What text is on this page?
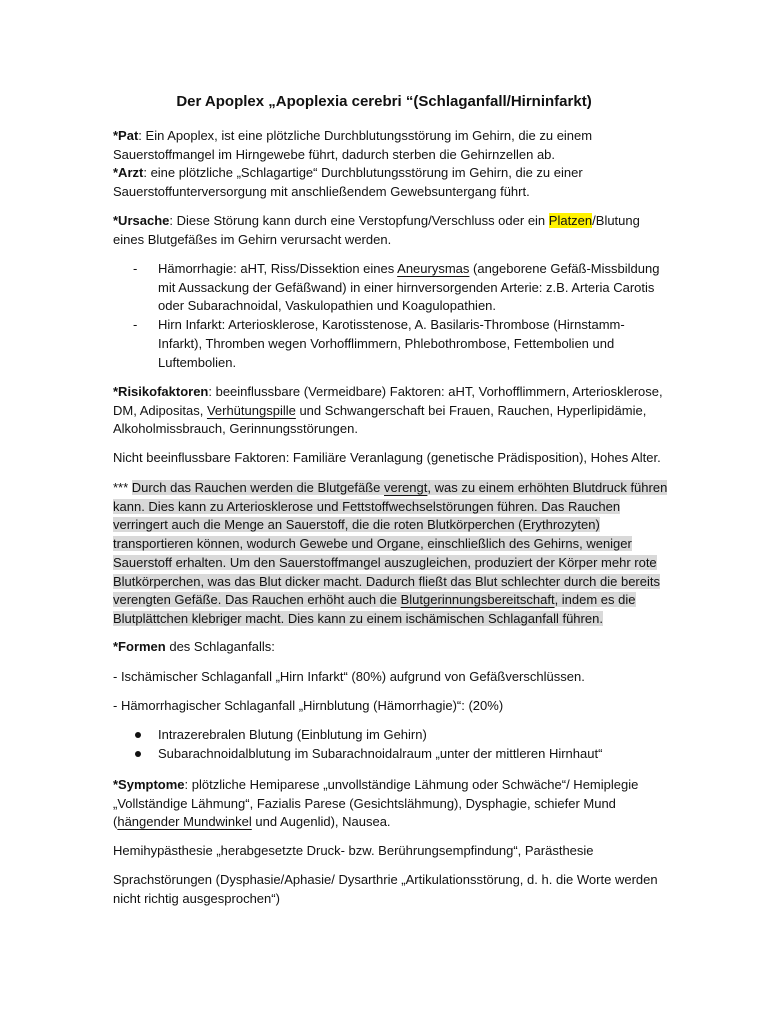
Der Apoplex „Apoplexia cerebri “(Schlaganfall/Hirninfarkt)

*Pat: Ein Apoplex, ist eine plötzliche Durchblutungsstörung im Gehirn, die zu einem Sauerstoffmangel im Hirngewebe führt, dadurch sterben die Gehirnzellen ab.
*Arzt: eine plötzliche „Schlagartige“ Durchblutungsstörung im Gehirn, die zu einer Sauerstoffunterversorgung mit anschließendem Gewebsuntergang führt.

*Ursache: Diese Störung kann durch eine Verstopfung/Verschluss oder ein Platzen/Blutung eines Blutgefäßes im Gehirn verursacht werden.

- Hämorrhagie: aHT, Riss/Dissektion eines Aneurysmas (angeborene Gefäß-Missbildung mit Aussackung der Gefäßwand) in einer hirnversorgenden Arterie: z.B. Arteria Carotis oder Subarachnoidal, Vaskulopathien und Koagulopathien.
- Hirn Infarkt: Arteriosklerose, Karotisstenose, A. Basilaris-Thrombose (Hirnstamm-Infarkt), Thromben wegen Vorhofflimmern, Phlebothrombose, Fettembolien und Luftembolien.

*Risikofaktoren: beeinflussbare (Vermeidbare) Faktoren: aHT, Vorhofflimmern, Arteriosklerose, DM, Adipositas, Verhütungspille und Schwangerschaft bei Frauen, Rauchen, Hyperlipidämie, Alkoholmissbrauch, Gerinnungsstörungen.

Nicht beeinflussbare Faktoren: Familiäre Veranlagung (genetische Prädisposition), Hohes Alter.

*** Durch das Rauchen werden die Blutgefäße verengt, was zu einem erhöhten Blutdruck führen kann. Dies kann zu Arteriosklerose und Fettstoffwechselstörungen führen. Das Rauchen verringert auch die Menge an Sauerstoff, die die roten Blutkörperchen (Erythrozyten) transportieren können, wodurch Gewebe und Organe, einschließlich des Gehirns, weniger Sauerstoff erhalten. Um den Sauerstoffmangel auszugleichen, produziert der Körper mehr rote Blutkörperchen, was das Blut dicker macht. Dadurch fließt das Blut schlechter durch die bereits verengten Gefäße. Das Rauchen erhöht auch die Blutgerinnungsbereitschaft, indem es die Blutplättchen klebriger macht. Dies kann zu einem ischämischen Schlaganfall führen.

*Formen des Schlaganfalls:

- Ischämischer Schlaganfall „Hirn Infarkt“ (80%) aufgrund von Gefäßverschlüssen.

- Hämorrhagischer Schlaganfall „Hirnblutung (Hämorrhagie)“: (20%)

Intrazerebralen Blutung (Einblutung im Gehirn)
Subarachnoidalblutung im Subarachnoidalraum „unter der mittleren Hirnhaut“

*Symptome: plötzliche Hemiparese „unvollständige Lähmung oder Schwäche“/ Hemiplegie „Vollständige Lähmung“, Fazialis Parese (Gesichtslähmung), Dysphagie, schiefer Mund (hängender Mundwinkel und Augenlid), Nausea.

Hemihypästhesie „herabgesetzte Druck- bzw. Berührungsempfindung“, Parästhesie

Sprachstörungen (Dysphasie/Aphasie/ Dysarthrie „Artikulationsstörung, d. h. die Worte werden nicht richtig ausgesprochen“)
